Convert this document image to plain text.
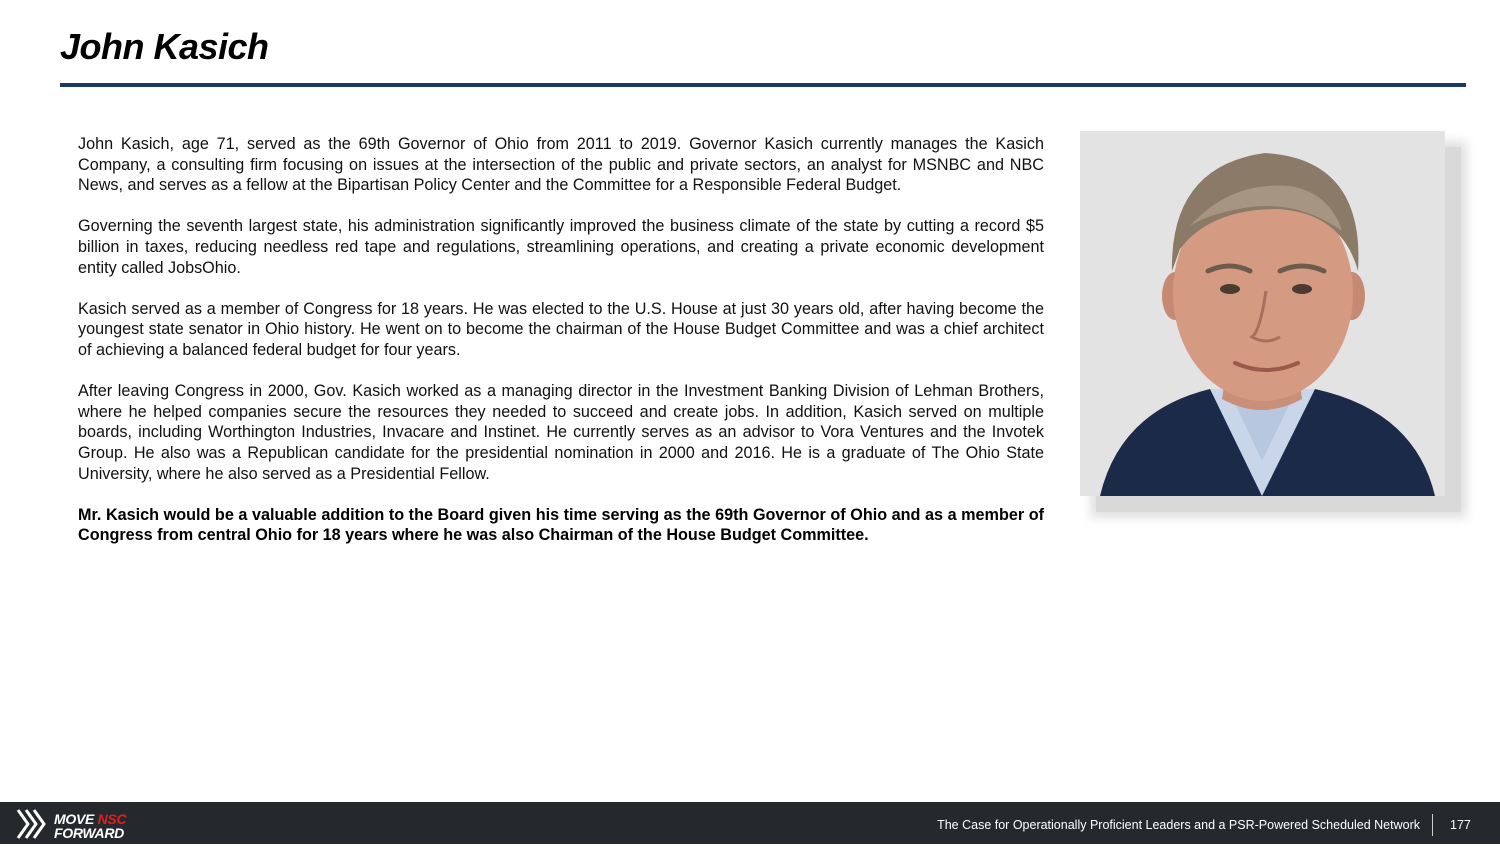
John Kasich

John Kasich, age 71, served as the 69th Governor of Ohio from 2011 to 2019. Governor Kasich currently manages the Kasich Company, a consulting firm focusing on issues at the intersection of the public and private sectors, an analyst for MSNBC and NBC News, and serves as a fellow at the Bipartisan Policy Center and the Committee for a Responsible Federal Budget.

Governing the seventh largest state, his administration significantly improved the business climate of the state by cutting a record $5 billion in taxes, reducing needless red tape and regulations, streamlining operations, and creating a private economic development entity called JobsOhio.

Kasich served as a member of Congress for 18 years. He was elected to the U.S. House at just 30 years old, after having become the youngest state senator in Ohio history. He went on to become the chairman of the House Budget Committee and was a chief architect of achieving a balanced federal budget for four years.

After leaving Congress in 2000, Gov. Kasich worked as a managing director in the Investment Banking Division of Lehman Brothers, where he helped companies secure the resources they needed to succeed and create jobs. In addition, Kasich served on multiple boards, including Worthington Industries, Invacare and Instinet. He currently serves as an advisor to Vora Ventures and the Invotek Group. He also was a Republican candidate for the presidential nomination in 2000 and 2016. He is a graduate of The Ohio State University, where he also served as a Presidential Fellow.

Mr. Kasich would be a valuable addition to the Board given his time serving as the 69th Governor of Ohio and as a member of Congress from central Ohio for 18 years where he was also Chairman of the House Budget Committee.

MOVE NSC
FORWARD	The Case for Operationally Proficient Leaders and a PSR-Powered Scheduled Network 177
